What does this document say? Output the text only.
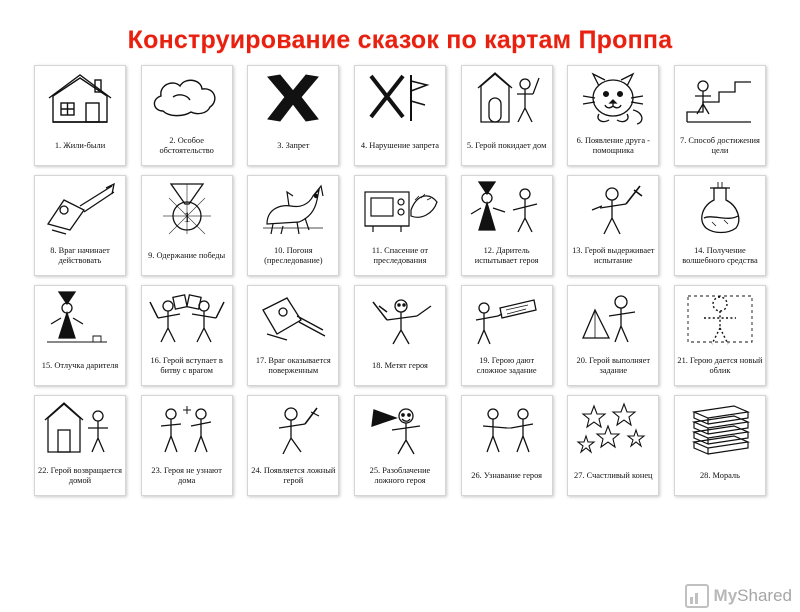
Конструирование сказок по картам Проппа
1. Жили-были
2. Особое обстоятельство
3. Запрет	4. Нарушение запрета	5. Герой покидает дом
6. Появление друга - помощника
7. Способ достижения цели
8. Враг начинает действовать
1
9. Одержание победы
10. Погоня (преследование)
11. Спасение от преследования
12. Даритель испытывает героя
13. Герой выдерживает испытание
14. Получение волшебного средства
15. Отлучка дарителя
16. Герой вступает в битву с врагом
17. Враг оказывается поверженным
18. Метят героя
19. Герою дают сложное задание
20. Герой выполняет задание
21. Герою дается новый облик
22. Герой возвращается домой
23. Героя не узнают дома
24. Появляется ложный герой
25. Разоблачение ложного героя
26. Узнавание героя	27. Счастливый конец	28. Мораль
MyShared
